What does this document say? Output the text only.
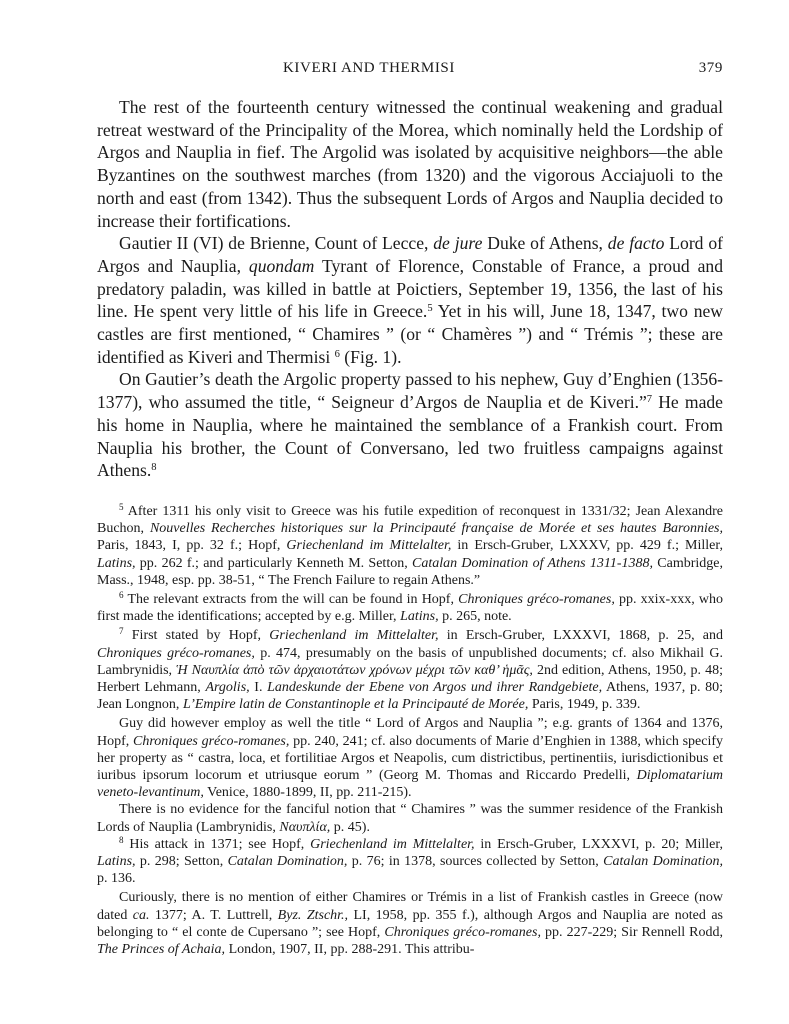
KIVERI AND THERMISI	379

The rest of the fourteenth century witnessed the continual weakening and gradual retreat westward of the Principality of the Morea, which nominally held the Lordship of Argos and Nauplia in fief. The Argolid was isolated by acquisitive neighbors—the able Byzantines on the southwest marches (from 1320) and the vigorous Acciajuoli to the north and east (from 1342). Thus the subsequent Lords of Argos and Nauplia decided to increase their fortifications.

Gautier II (VI) de Brienne, Count of Lecce, de jure Duke of Athens, de facto Lord of Argos and Nauplia, quondam Tyrant of Florence, Constable of France, a proud and predatory paladin, was killed in battle at Poictiers, September 19, 1356, the last of his line. He spent very little of his life in Greece.$^5$ Yet in his will, June 18, 1347, two new castles are first mentioned, “ Chamires ” (or “ Chamères ”) and “ Trémis ”; these are identified as Kiveri and Thermisi $^6$ (Fig. 1).

On Gautier’s death the Argolic property passed to his nephew, Guy d’Enghien (1356-1377), who assumed the title, “ Seigneur d’Argos de Nauplia et de Kiveri.”$^7$ He made his home in Nauplia, where he maintained the semblance of a Frankish court. From Nauplia his brother, the Count of Conversano, led two fruitless campaigns against Athens.$^8$

$^5$ After 1311 his only visit to Greece was his futile expedition of reconquest in 1331/32; Jean Alexandre Buchon, Nouvelles Recherches historiques sur la Principauté française de Morée et ses hautes Baronnies, Paris, 1843, I, pp. 32 f.; Hopf, Griechenland im Mittelalter, in Ersch-Gruber, LXXXV, pp. 429 f.; Miller, Latins, pp. 262 f.; and particularly Kenneth M. Setton, Catalan Domination of Athens 1311-1388, Cambridge, Mass., 1948, esp. pp. 38-51, “ The French Failure to regain Athens.”

$^6$ The relevant extracts from the will can be found in Hopf, Chroniques gréco-romanes, pp. xxix-xxx, who first made the identifications; accepted by e.g. Miller, Latins, p. 265, note.

$^7$ First stated by Hopf, Griechenland im Mittelalter, in Ersch-Gruber, LXXXVI, 1868, p. 25, and Chroniques gréco-romanes, p. 474, presumably on the basis of unpublished documents; cf. also Mikhail G. Lambrynidis, Ἡ Ναυπλία ἀπὸ τῶν ἀρχαιοτάτων χρόνων μέχρι τῶν καθ’ ἡμᾶς, 2nd edition, Athens, 1950, p. 48; Herbert Lehmann, Argolis, I. Landeskunde der Ebene von Argos und ihrer Randgebiete, Athens, 1937, p. 80; Jean Longnon, L’Empire latin de Constantinople et la Principauté de Morée, Paris, 1949, p. 339.

Guy did however employ as well the title “ Lord of Argos and Nauplia ”; e.g. grants of 1364 and 1376, Hopf, Chroniques gréco-romanes, pp. 240, 241; cf. also documents of Marie d’Enghien in 1388, which specify her property as “ castra, loca, et fortilitiae Argos et Neapolis, cum districtibus, pertinentiis, iurisdictionibus et iuribus ipsorum locorum et utriusque eorum ” (Georg M. Thomas and Riccardo Predelli, Diplomatarium veneto-levantinum, Venice, 1880-1899, II, pp. 211-215).

There is no evidence for the fanciful notion that “ Chamires ” was the summer residence of the Frankish Lords of Nauplia (Lambrynidis, Ναυπλία, p. 45).

$^8$ His attack in 1371; see Hopf, Griechenland im Mittelalter, in Ersch-Gruber, LXXXVI, p. 20; Miller, Latins, p. 298; Setton, Catalan Domination, p. 76; in 1378, sources collected by Setton, Catalan Domination, p. 136.

Curiously, there is no mention of either Chamires or Trémis in a list of Frankish castles in Greece (now dated ca. 1377; A. T. Luttrell, Byz. Ztschr., LI, 1958, pp. 355 f.), although Argos and Nauplia are noted as belonging to “ el conte de Cupersano ”; see Hopf, Chroniques gréco-romanes, pp. 227-229; Sir Rennell Rodd, The Princes of Achaia, London, 1907, II, pp. 288-291. This attribu-
